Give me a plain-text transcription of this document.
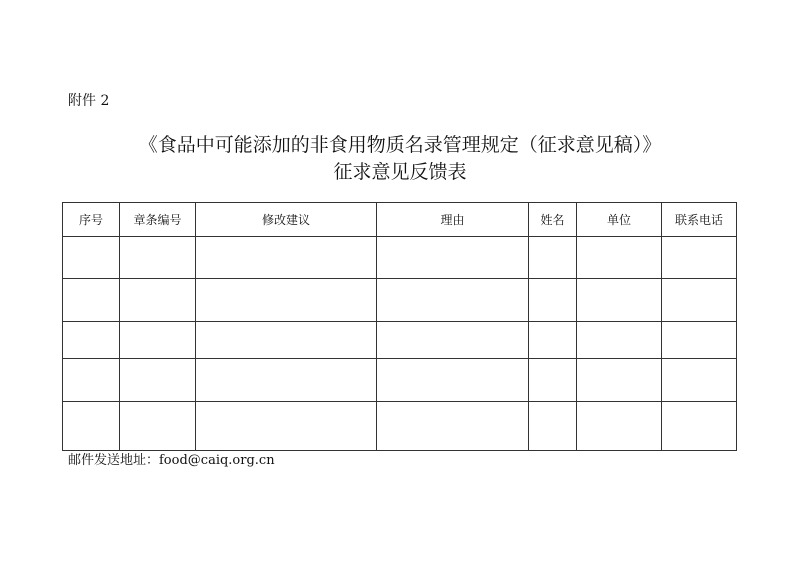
附件 2
《食品中可能添加的非食用物质名录管理规定（征求意见稿）》
征求意见反馈表
序号	章条编号	修改建议	理由	姓名	单位	联系电话

邮件发送地址：food@caiq.org.cn
